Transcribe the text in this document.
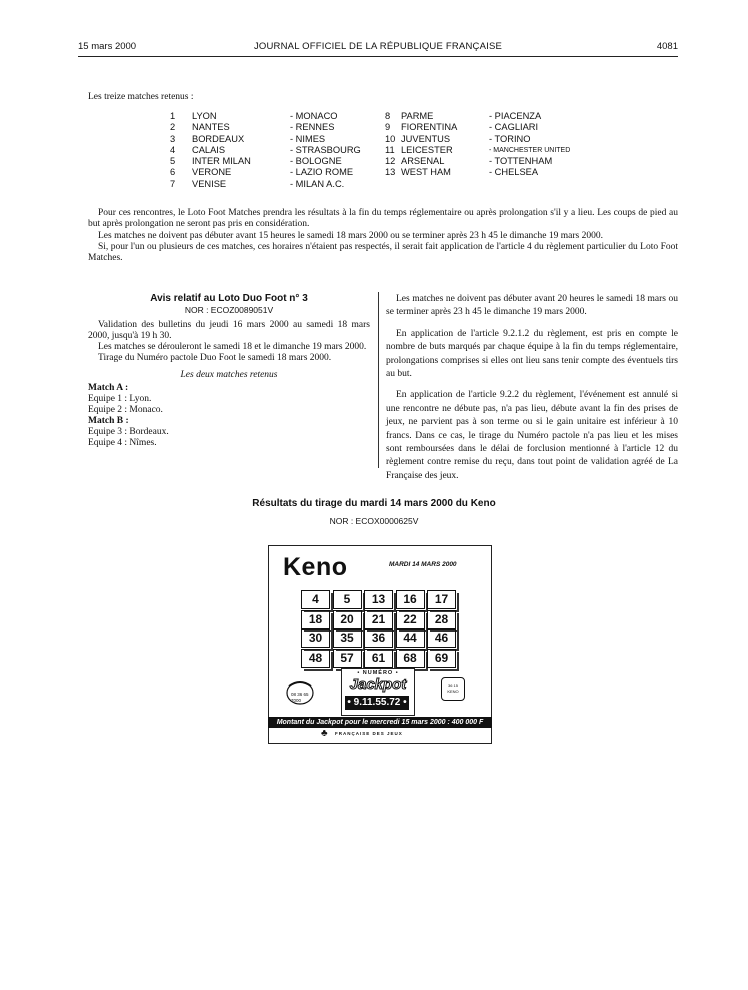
15 mars 2000	JOURNAL OFFICIEL DE LA RÉPUBLIQUE FRANÇAISE	4081
Les treize matches retenus :
1	LYON	- MONACO	8	PARME	- PIACENZA
2	NANTES	- RENNES	9	FIORENTINA	- CAGLIARI
3	BORDEAUX	- NIMES	10	JUVENTUS	- TORINO
4	CALAIS	- STRASBOURG	11	LEICESTER	- MANCHESTER UNITED
5	INTER MILAN	- BOLOGNE	12	ARSENAL	- TOTTENHAM
6	VERONE	- LAZIO ROME	13	WEST HAM	- CHELSEA
7	VENISE	- MILAN A.C.			

Pour ces rencontres, le Loto Foot Matches prendra les résultats à la fin du temps réglementaire ou après prolongation s'il y a lieu. Les coups de pied au but après prolongation ne seront pas pris en considération.

Les matches ne doivent pas débuter avant 15 heures le samedi 18 mars 2000 ou se terminer après 23 h 45 le dimanche 19 mars 2000.

Si, pour l'un ou plusieurs de ces matches, ces horaires n'étaient pas respectés, il serait fait application de l'article 4 du règlement particulier du Loto Foot Matches.

Avis relatif au Loto Duo Foot n° 3
NOR : ECOZ0089051V

Validation des bulletins du jeudi 16 mars 2000 au samedi 18 mars 2000, jusqu'à 19 h 30.

Les matches se dérouleront le samedi 18 et le dimanche 19 mars 2000.

Tirage du Numéro pactole Duo Foot le samedi 18 mars 2000.

Les deux matches retenus
Match A :
Equipe 1 : Lyon.
Equipe 2 : Monaco.
Match B :
Equipe 3 : Bordeaux.
Equipe 4 : Nîmes.

Les matches ne doivent pas débuter avant 20 heures le samedi 18 mars ou se terminer après 23 h 45 le dimanche 19 mars 2000.

En application de l'article 9.2.1.2 du règlement, est pris en compte le nombre de buts marqués par chaque équipe à la fin du temps réglementaire, prolongations comprises si elles ont lieu sans tenir compte des éventuels tirs au but.

En application de l'article 9.2.2 du règlement, l'événement est annulé si une rencontre ne débute pas, n'a pas lieu, débute avant la fin des prises de jeux, ne parvient pas à son terme ou si le gain unitaire est inférieur à 10 francs. Dans ce cas, le tirage du Numéro pactole n'a pas lieu et les mises sont remboursées dans le délai de forclusion mentionné à l'article 12 du règlement contre remise du reçu, dans tout point de validation agréé de La Française des jeux.

Résultats du tirage du mardi 14 mars 2000 du Keno
NOR : ECOX0000625V
Keno	MARDI 14 MARS 2000
4	5	13	16	17
18	20	21	22	28
30	35	36	44	46
48	57	61	68	69
08 36 65
7000
• NUMÉRO •
Jackpot
• 9.11.55.72 •
36 15
KENO
Montant du Jackpot pour le mercredi 15 mars 2000 : 400 000 F
♣ FRANÇAISE DES JEUX
